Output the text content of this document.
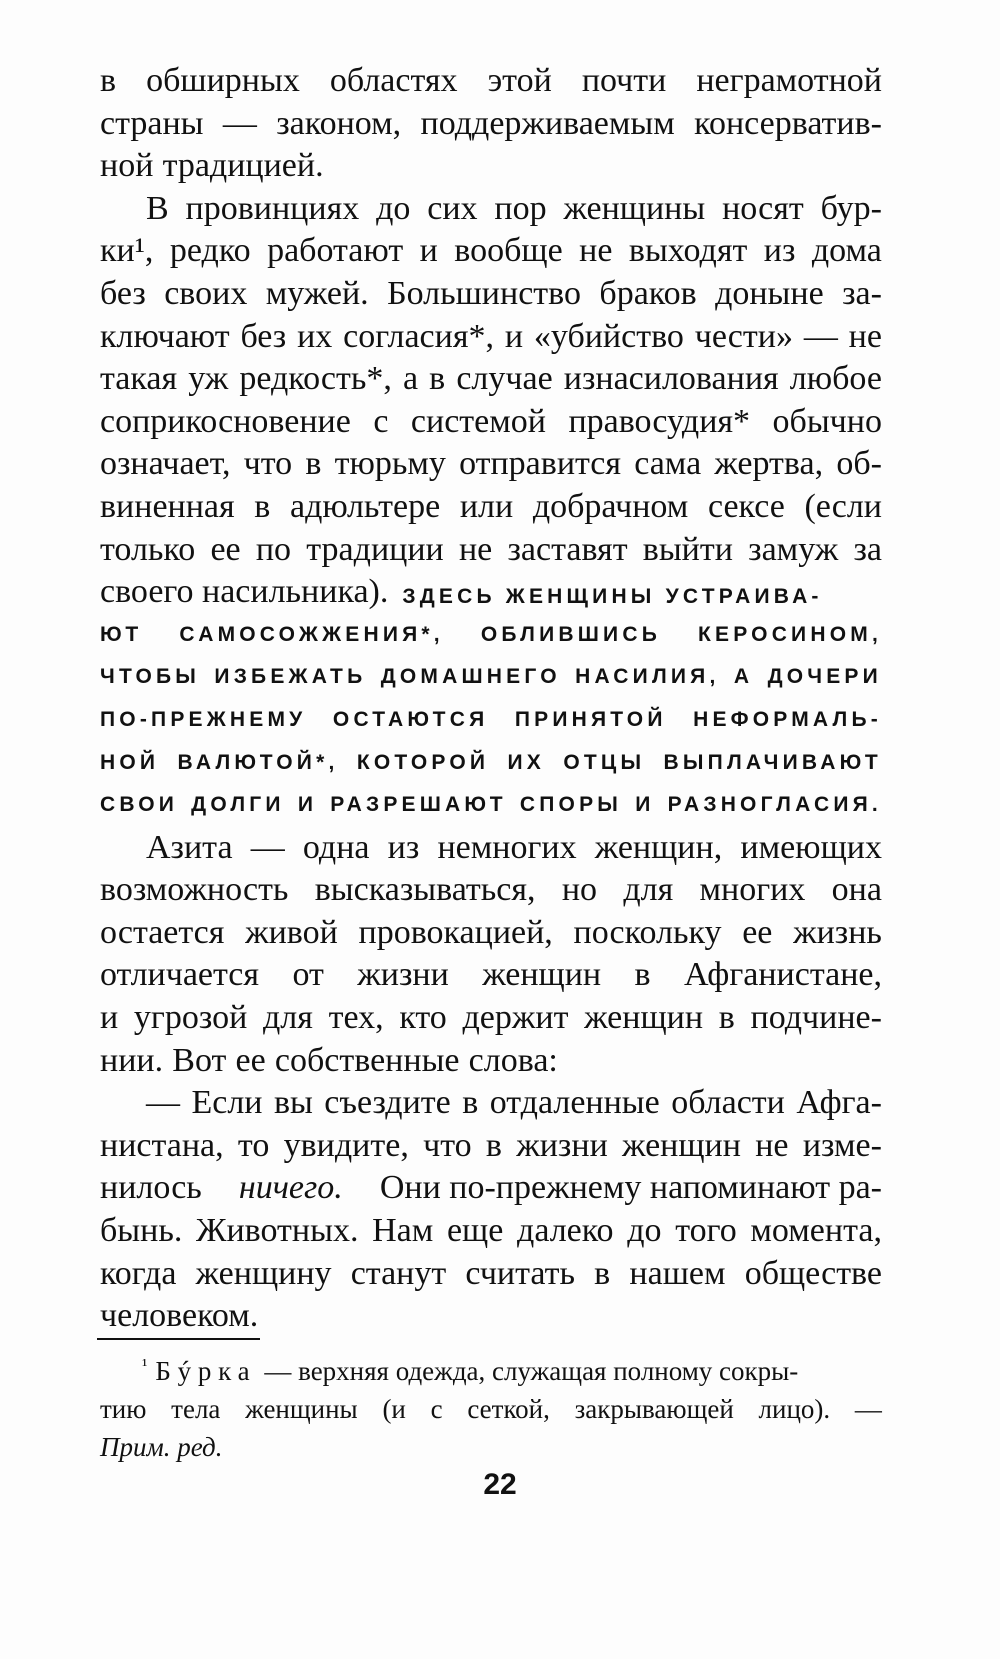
в обширных областях этой почти неграмотной
страны — законом, поддерживаемым консерватив-
ной традицией.
В провинциях до сих пор женщины носят бур-
ки¹, редко работают и вообще не выходят из дома
без своих мужей. Большинство браков доныне за-
ключают без их согласия*, и «убийство чести» — не
такая уж редкость*, а в случае изнасилования любое
соприкосновение с системой правосудия* обычно
означает, что в тюрьму отправится сама жертва, об-
виненная в адюльтере или добрачном сексе (если
только ее по традиции не заставят выйти замуж за
своего насильника). ЗДЕСЬ ЖЕНЩИНЫ УСТРАИВА-
ЮТ САМОСОЖЖЕНИЯ*, ОБЛИВШИСЬ КЕРОСИНОМ,
ЧТОБЫ ИЗБЕЖАТЬ ДОМАШНЕГО НАСИЛИЯ, А ДОЧЕРИ
ПО-ПРЕЖНЕМУ ОСТАЮТСЯ ПРИНЯТОЙ НЕФОРМАЛЬ-
НОЙ ВАЛЮТОЙ*, КОТОРОЙ ИХ ОТЦЫ ВЫПЛАЧИВАЮТ
СВОИ ДОЛГИ И РАЗРЕШАЮТ СПОРЫ И РАЗНОГЛАСИЯ.
Азита — одна из немногих женщин, имеющих
возможность высказываться, но для многих она
остается живой провокацией, поскольку ее жизнь
отличается от жизни женщин в Афганистане,
и угрозой для тех, кто держит женщин в подчине-
нии. Вот ее собственные слова:
— Если вы съездите в отдаленные области Афга-
нистана, то увидите, что в жизни женщин не изме-
нилось ничего. Они по-прежнему напоминают ра-
бынь. Животных. Нам еще далеко до того момента,
когда женщину станут считать в нашем обществе
человеком.
¹ Бýрка — верхняя одежда, служащая полному сокры-
тию тела женщины (и с сеткой, закрывающей лицо). —
Прим. ред.
22
